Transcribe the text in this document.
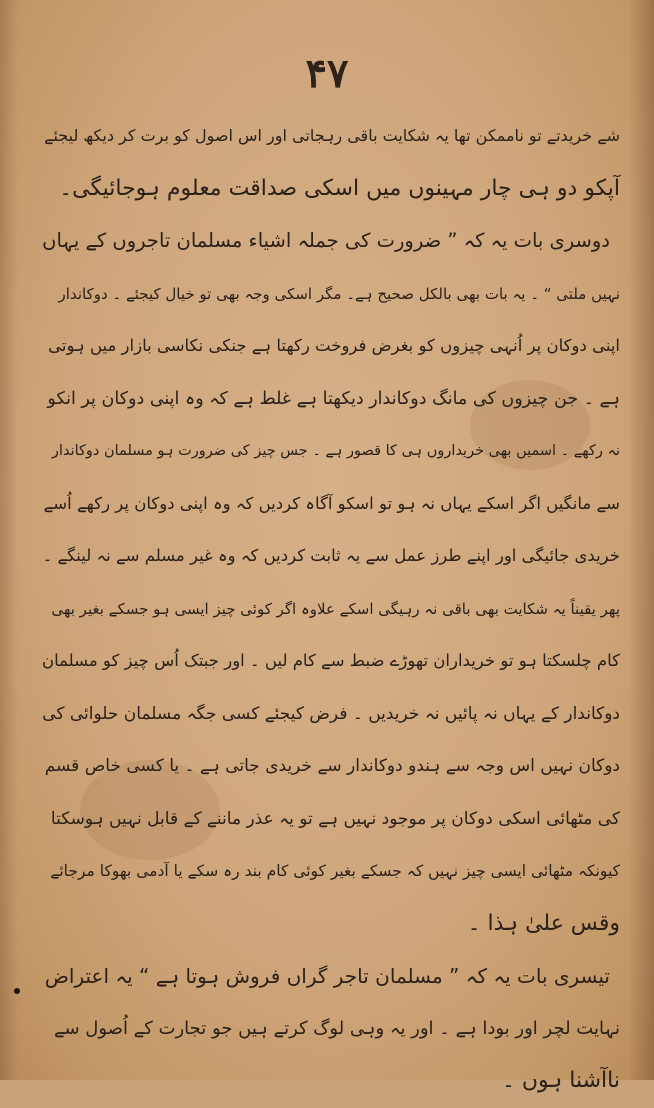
۴۷
شے خریدتے تو ناممکن تھا یہ شکایت باقی رہجاتی اور اس اصول کو برت کر دیکھ لیجئے
آپکو دو ہی چار مہینوں میں اسکی صداقت معلوم ہوجائیگی۔
دوسری بات یہ کہ ” ضرورت کی جملہ اشیاء مسلمان تاجروں کے یہاں
نہیں ملتی “ ۔ یہ بات بھی بالکل صحیح ہے۔ مگر اسکی وجہ بھی تو خیال کیجئے ۔ دوکاندار
اپنی دوکان پر اُنہی چیزوں کو بغرض فروخت رکھتا ہے جنکی نکاسی بازار میں ہوتی
ہے ۔ جن چیزوں کی مانگ دوکاندار دیکھتا ہے غلط ہے کہ وہ اپنی دوکان پر انکو
نہ رکھے ۔ اسمیں بھی خریداروں ہی کا قصور ہے ۔ جس چیز کی ضرورت ہو مسلمان دوکاندار
سے مانگیں اگر اسکے یہاں نہ ہو تو اسکو آگاہ کردیں کہ وہ اپنی دوکان پر رکھے اُسے
خریدی جائیگی اور اپنے طرز عمل سے یہ ثابت کردیں کہ وہ غیر مسلم سے نہ لینگے ۔
پھر یقیناً یہ شکایت بھی باقی نہ رہیگی اسکے علاوہ اگر کوئی چیز ایسی ہو جسکے بغیر بھی
کام چلسکتا ہو تو خریداران تھوڑے ضبط سے کام لیں ۔ اور جبتک اُس چیز کو مسلمان
دوکاندار کے یہاں نہ پائیں نہ خریدیں ۔ فرض کیجئے کسی جگہ مسلمان حلوائی کی
دوکان نہیں اس وجہ سے ہندو دوکاندار سے خریدی جاتی ہے ۔ یا کسی خاص قسم
کی مٹھائی اسکی دوکان پر موجود نہیں ہے تو یہ عذر ماننے کے قابل نہیں ہوسکتا
کیونکہ مٹھائی ایسی چیز نہیں کہ جسکے بغیر کوئی کام بند رہ سکے یا آدمی بھوکا مرجائے
وقس علیٰ ہذا ۔
تیسری بات یہ کہ ” مسلمان تاجر گراں فروش ہوتا ہے “ یہ اعتراض
نہایت لچر اور بودا ہے ۔ اور یہ وہی لوگ کرتے ہیں جو تجارت کے اُصول سے
ناآشنا ہوں ۔
